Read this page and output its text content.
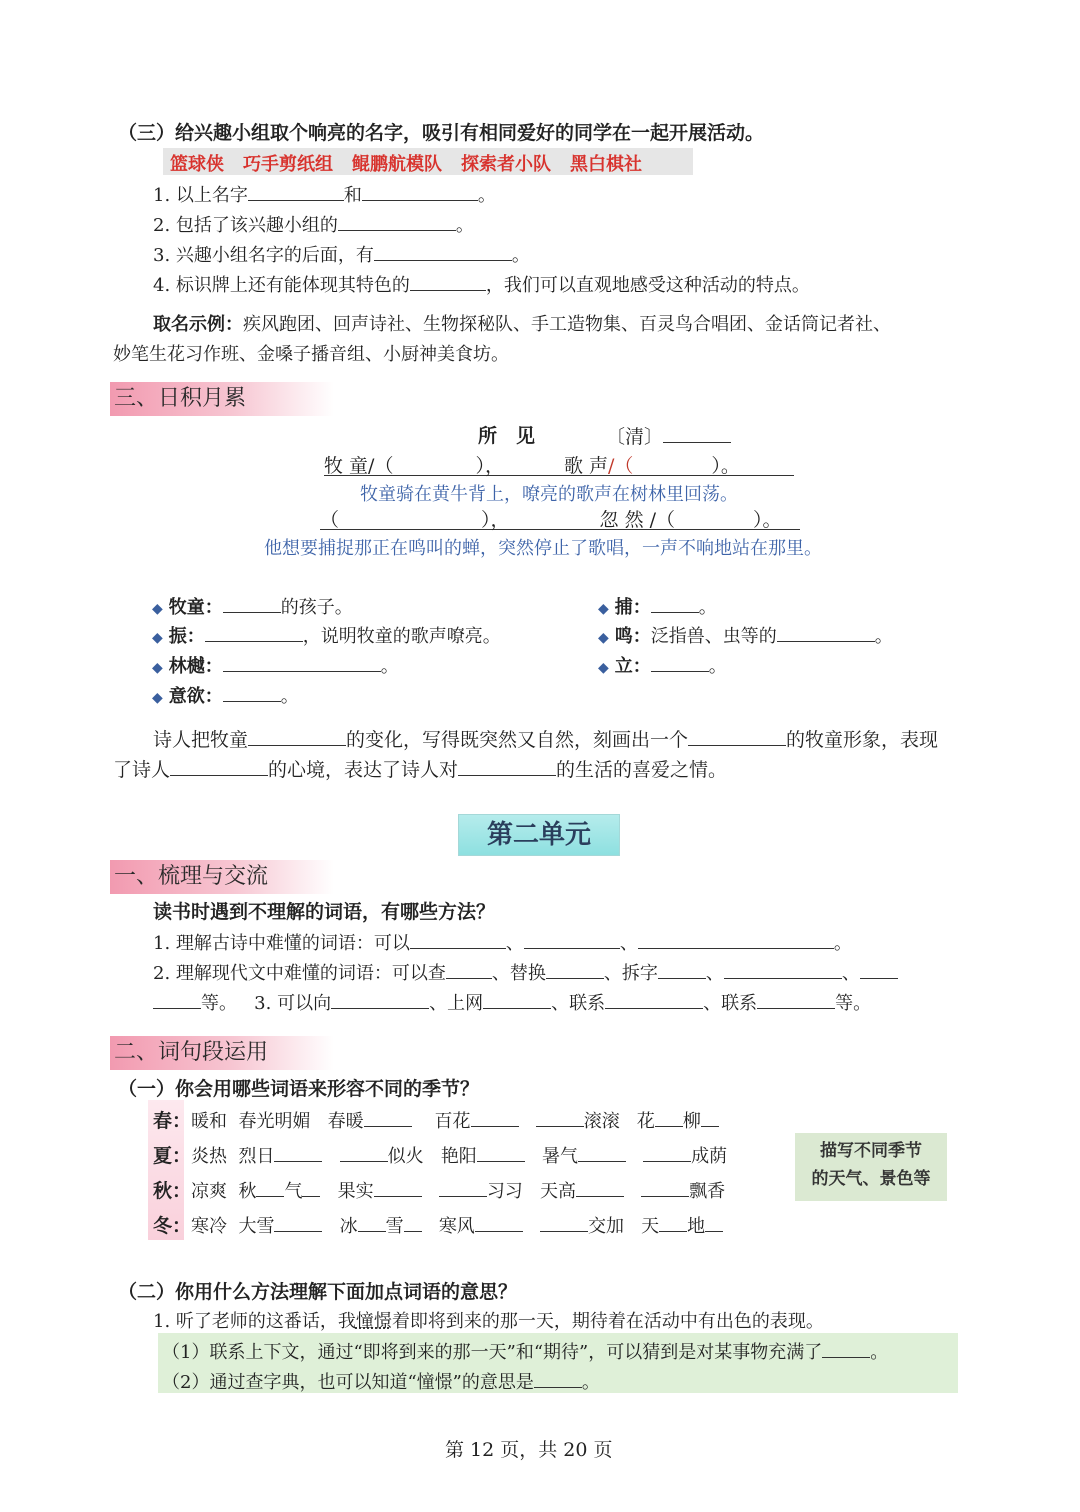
（三）给兴趣小组取个响亮的名字，吸引有相同爱好的同学在一起开展活动。
篮球侠 巧手剪纸组 鲲鹏航模队 探索者小队 黑白棋社
1. 以上名字	和	。
2. 包括了该兴趣小组的	。
3. 兴趣小组名字的后面，有	。
4. 标识牌上还有能体现其特色的	，我们可以直观地感受这种活动的特点。
取名示例：疾风跑团、回声诗社、生物探秘队、手工造物集、百灵鸟合唱团、金话筒记者社、
妙笔生花习作班、金嗓子播音组、小厨神美食坊。
三、日积月累
所　见	〔清〕
牧 童/（	），	歌 声/（	）。
牧童骑在黄牛背上，嘹亮的歌声在树林里回荡。
（	），	忽 然 /（	）。
他想要捕捉那正在鸣叫的蝉，突然停止了歌唱，一声不响地站在那里。
◆ 牧童：	的孩子。	◆ 捕：	。
◆ 振：	，说明牧童的歌声嘹亮。	◆ 鸣：泛指兽、虫等的	。
◆ 林樾：	。	◆ 立：	。
◆ 意欲：	。
诗人把牧童	的变化，写得既突然又自然，刻画出一个	的牧童形象，表现
了诗人	的心境，表达了诗人对	的生活的喜爱之情。
第二单元
一、梳理与交流
读书时遇到不理解的词语，有哪些方法？
1. 理解古诗中难懂的词语：可以	、	、	。
2. 理解现代文中难懂的词语：可以查	、替换	、拆字	、	、
等。 3. 可以向	、上网	、联系	、联系	等。
二、词句段运用
（一）你会用哪些词语来形容不同的季节？
春：暖和 春光明媚 春暖	百花	滚滚 花 柳
夏：炎热 烈日	似火 艳阳	暑气	成荫
秋：凉爽 秋 气 果实	习习 天高	飘香
冬：寒冷 大雪	冰 雪 寒风	交加 天 地
描写不同季节
的天气、景色等
（二）你用什么方法理解下面加点词语的意思？
1. 听了老师的这番话，我憧憬着即将到来的那一天，期待着在活动中有出色的表现。
（1）联系上下文，通过“即将到来的那一天”和“期待”，可以猜到是对某事物充满了	。
（2）通过查字典，也可以知道“憧憬”的意思是	。
第 12 页，共 20 页
